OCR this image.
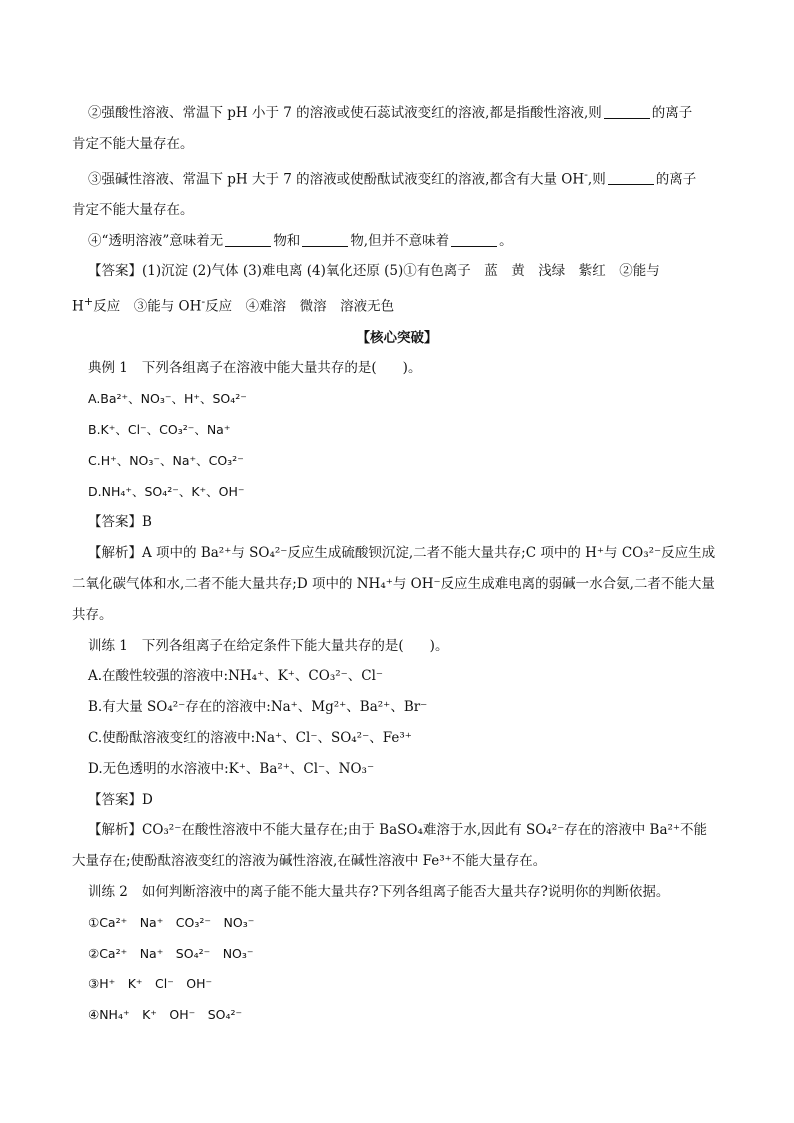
②强酸性溶液、常温下 pH 小于 7 的溶液或使石蕊试液变红的溶液,都是指酸性溶液,则	的离子

肯定不能大量存在。

③强碱性溶液、常温下 pH 大于 7 的溶液或使酚酞试液变红的溶液,都含有大量 OH-,则	的离子

肯定不能大量存在。

④“透明溶液”意味着无	物和	物,但并不意味着	。

【答案】(1)沉淀 (2)气体 (3)难电离 (4)氧化还原 (5)①有色离子　蓝　黄　浅绿　紫红　②能与

H+反应　③能与 OH-反应　④难溶　微溶　溶液无色

【核心突破】

典例 1 下列各组离子在溶液中能大量共存的是( )。

A.Ba²⁺、NO₃⁻、H⁺、SO₄²⁻

B.K⁺、Cl⁻、CO₃²⁻、Na⁺

C.H⁺、NO₃⁻、Na⁺、CO₃²⁻

D.NH₄⁺、SO₄²⁻、K⁺、OH⁻

【答案】B

【解析】A 项中的 Ba²⁺与 SO₄²⁻反应生成硫酸钡沉淀,二者不能大量共存;C 项中的 H⁺与 CO₃²⁻反应生成

二氧化碳气体和水,二者不能大量共存;D 项中的 NH₄⁺与 OH⁻反应生成难电离的弱碱一水合氨,二者不能大量

共存。

训练 1 下列各组离子在给定条件下能大量共存的是( )。

A.在酸性较强的溶液中:NH₄⁺、K⁺、CO₃²⁻、Cl⁻

B.有大量 SO₄²⁻存在的溶液中:Na⁺、Mg²⁺、Ba²⁺、Br⁻

C.使酚酞溶液变红的溶液中:Na⁺、Cl⁻、SO₄²⁻、Fe³⁺

D.无色透明的水溶液中:K⁺、Ba²⁺、Cl⁻、NO₃⁻

【答案】D

【解析】CO₃²⁻在酸性溶液中不能大量存在;由于 BaSO₄难溶于水,因此有 SO₄²⁻存在的溶液中 Ba²⁺不能

大量存在;使酚酞溶液变红的溶液为碱性溶液,在碱性溶液中 Fe³⁺不能大量存在。

训练 2 如何判断溶液中的离子能不能大量共存?下列各组离子能否大量共存?说明你的判断依据。

①Ca²⁺　Na⁺　CO₃²⁻　NO₃⁻

②Ca²⁺　Na⁺　SO₄²⁻　NO₃⁻

③H⁺　K⁺　Cl⁻　OH⁻

④NH₄⁺　K⁺　OH⁻　SO₄²⁻
